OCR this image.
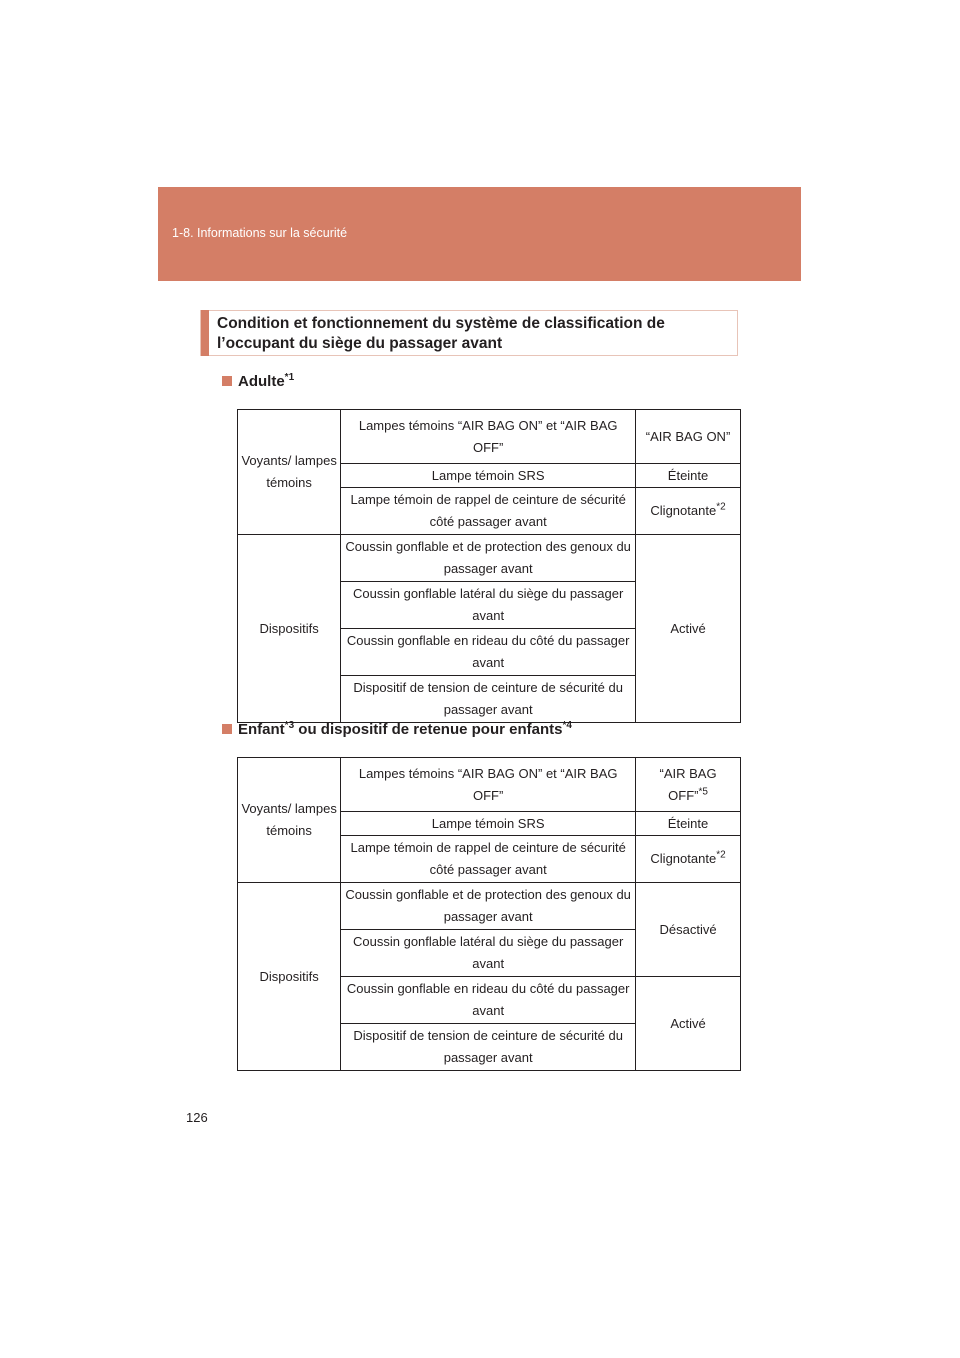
1-8. Informations sur la sécurité
Condition et fonctionnement du système de classification de l’occupant du siège du passager avant
Adulte$^{*1}$
Voyants/ lampes témoins	Lampes témoins “AIR BAG ON” et “AIR BAG OFF”	“AIR BAG ON”
	Lampe témoin SRS	Éteinte
	Lampe témoin de rappel de ceinture de sécurité côté passager avant	Clignotante$^{*2}$
Dispositifs	Coussin gonflable et de protection des genoux du passager avant	Activé
	Coussin gonflable latéral du siège du passager avant	
	Coussin gonflable en rideau du côté du passager avant	
	Dispositif de tension de ceinture de sécurité du passager avant	
Enfant$^{*3}$ ou dispositif de retenue pour enfants$^{*4}$
Voyants/ lampes témoins	Lampes témoins “AIR BAG ON” et “AIR BAG OFF”	“AIR BAG OFF”$^{*5}$
	Lampe témoin SRS	Éteinte
	Lampe témoin de rappel de ceinture de sécurité côté passager avant	Clignotante$^{*2}$
Dispositifs	Coussin gonflable et de protection des genoux du passager avant	Désactivé
	Coussin gonflable latéral du siège du passager avant	
	Coussin gonflable en rideau du côté du passager avant	Activé
	Dispositif de tension de ceinture de sécurité du passager avant	
126
